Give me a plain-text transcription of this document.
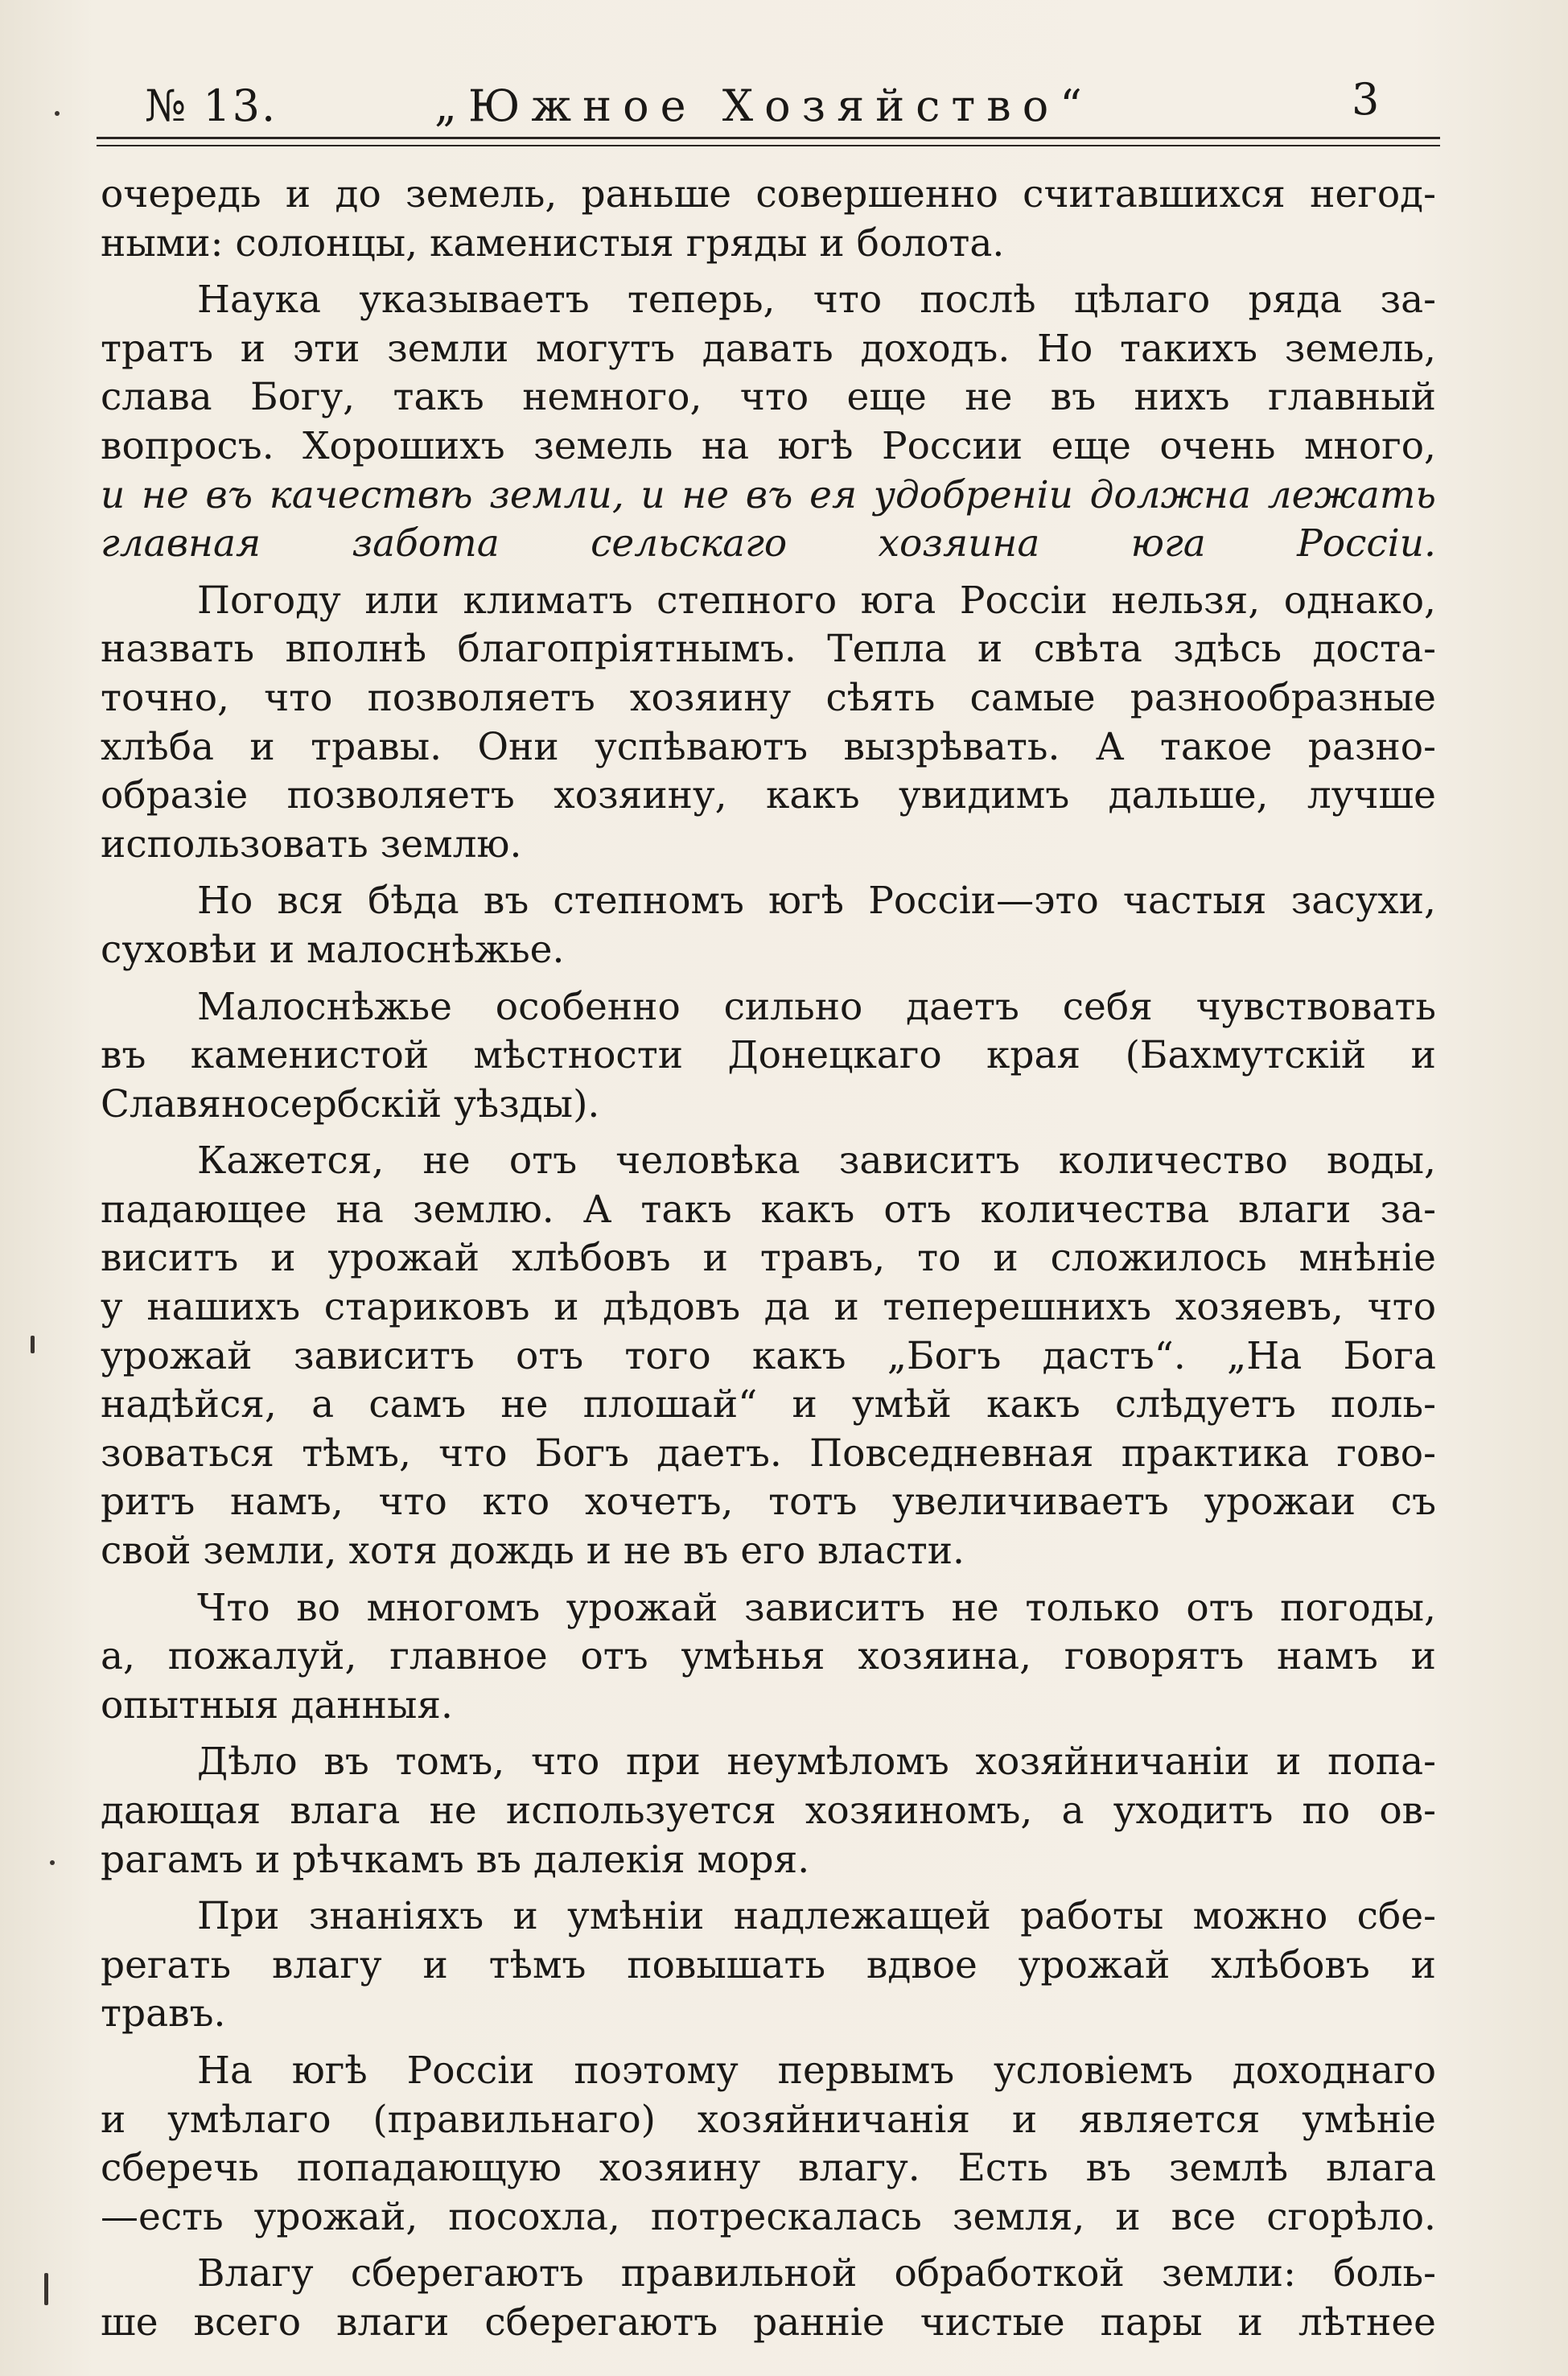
№ 13.	„Южное Хозяйство“	3
очередь и до земель, раньше совершенно считавшихся негод-
ными: солонцы, каменистыя гряды и болота.
Наука указываетъ теперь, что послѣ цѣлаго ряда за-
тратъ и эти земли могутъ давать доходъ. Но такихъ земель,
слава Богу, такъ немного, что еще не въ нихъ главный
вопросъ. Хорошихъ земель на югѣ России еще очень много,
и не въ качествѣ земли, и не въ ея удобреніи должна лежать
главная забота сельскаго хозяина юга Россіи.
Погоду или климатъ степного юга Россіи нельзя, однако,
назвать вполнѣ благопріятнымъ. Тепла и свѣта здѣсь доста-
точно, что позволяетъ хозяину сѣять самые разнообразные
хлѣба и травы. Они успѣваютъ вызрѣвать. А такое разно-
образіе позволяетъ хозяину, какъ увидимъ дальше, лучше
использовать землю.
Но вся бѣда въ степномъ югѣ Россіи—это частыя засухи,
суховѣи и малоснѣжье.
Малоснѣжье особенно сильно даетъ себя чувствовать
въ каменистой мѣстности Донецкаго края (Бахмутскій и
Славяносербскій уѣзды).
Кажется, не отъ человѣка зависитъ количество воды,
падающее на землю. А такъ какъ отъ количества влаги за-
виситъ и урожай хлѣбовъ и травъ, то и сложилось мнѣніе
у нашихъ стариковъ и дѣдовъ да и теперешнихъ хозяевъ, что
урожай зависитъ отъ того какъ „Богъ дастъ“. „На Бога
надѣйся, а самъ не плошай“ и умѣй какъ слѣдуетъ поль-
зоваться тѣмъ, что Богъ даетъ. Повседневная практика гово-
ритъ намъ, что кто хочетъ, тотъ увеличиваетъ урожаи съ
свой земли, хотя дождь и не въ его власти.
Что во многомъ урожай зависитъ не только отъ погоды,
а, пожалуй, главное отъ умѣнья хозяина, говорятъ намъ и
опытныя данныя.
Дѣло въ томъ, что при неумѣломъ хозяйничаніи и попа-
дающая влага не используется хозяиномъ, а уходитъ по ов-
рагамъ и рѣчкамъ въ далекія моря.
При знаніяхъ и умѣніи надлежащей работы можно сбе-
регать влагу и тѣмъ повышать вдвое урожай хлѣбовъ и
травъ.
На югѣ Россіи поэтому первымъ условіемъ доходнаго
и умѣлаго (правильнаго) хозяйничанія и является умѣніе
сберечь попадающую хозяину влагу. Есть въ землѣ влага
—есть урожай, посохла, потрескалась земля, и все сгорѣло.
Влагу сберегаютъ правильной обработкой земли: боль-
ше всего влаги сберегаютъ ранніе чистые пары и лѣтнее
